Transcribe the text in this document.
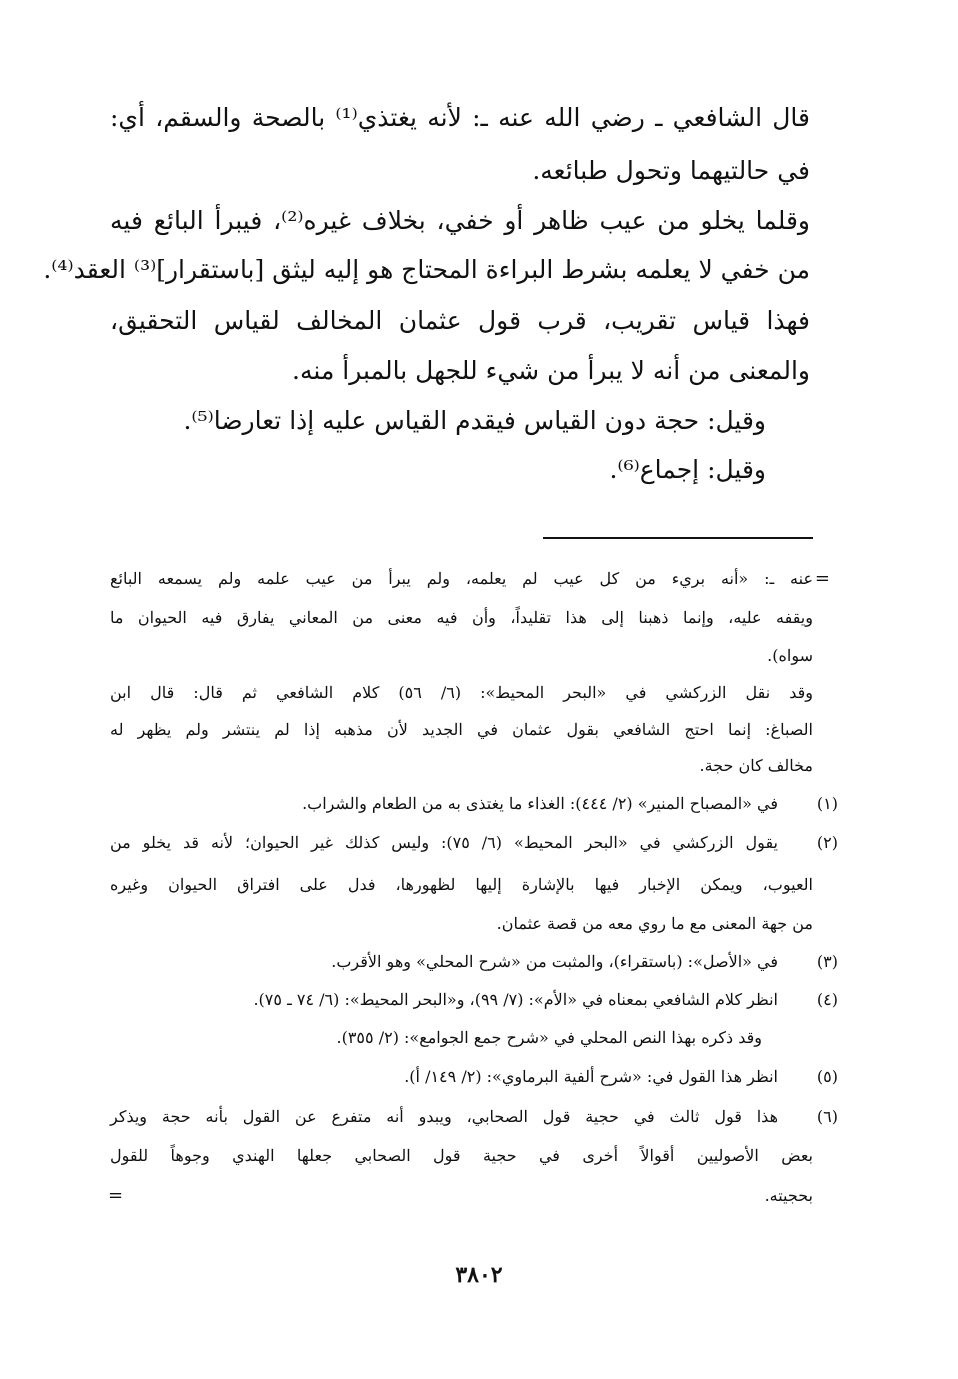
قال الشافعي ـ رضي الله عنه ـ: لأنه يغتذي⁽¹⁾ بالصحة والسقم، أي:
في حالتيهما وتحول طبائعه.
وقلما يخلو من عيب ظاهر أو خفي، بخلاف غيره⁽²⁾، فيبرأ البائع فيه
من خفي لا يعلمه بشرط البراءة المحتاج هو إليه ليثق [باستقرار]⁽³⁾ العقد⁽⁴⁾.
فهذا قياس تقريب، قرب قول عثمان المخالف لقياس التحقيق،
والمعنى من أنه لا يبرأ من شيء للجهل بالمبرأ منه.
وقيل: حجة دون القياس فيقدم القياس عليه إذا تعارضا⁽⁵⁾.
وقيل: إجماع⁽⁶⁾.
=
عنه ـ: «أنه بريء من كل عيب لم يعلمه، ولم يبرأ من عيب علمه ولم يسمعه البائع
ويقفه عليه، وإنما ذهبنا إلى هذا تقليداً، وأن فيه معنى من المعاني يفارق فيه الحيوان ما
سواه).
وقد نقل الزركشي في «البحر المحيط»: (٦/ ٥٦) كلام الشافعي ثم قال: قال ابن
الصباغ: إنما احتج الشافعي بقول عثمان في الجديد لأن مذهبه إذا لم ينتشر ولم يظهر له
مخالف كان حجة.
(١)
في «المصباح المنير» (٢/ ٤٤٤): الغذاء ما يغتذى به من الطعام والشراب.
(٢)
يقول الزركشي في «البحر المحيط» (٦/ ٧٥): وليس كذلك غير الحيوان؛ لأنه قد يخلو من
العيوب، ويمكن الإخبار فيها بالإشارة إليها لظهورها، فدل على افتراق الحيوان وغيره
من جهة المعنى مع ما روي معه من قصة عثمان.
(٣)
في «الأصل»: (باستقراء)، والمثبت من «شرح المحلي» وهو الأقرب.
(٤)
انظر كلام الشافعي بمعناه في «الأم»: (٧/ ٩٩)، و«البحر المحيط»: (٦/ ٧٤ ـ ٧٥).
وقد ذكره بهذا النص المحلي في «شرح جمع الجوامع»: (٢/ ٣٥٥).
(٥)
انظر هذا القول في: «شرح ألفية البرماوي»: (٢/ ١٤٩/ أ).
(٦)
هذا قول ثالث في حجية قول الصحابي، ويبدو أنه متفرع عن القول بأنه حجة ويذكر
بعض الأصوليين أقوالاً أخرى في حجية قول الصحابي جعلها الهندي وجوهاً للقول
بحجيته.
=
٣٨٠٢
